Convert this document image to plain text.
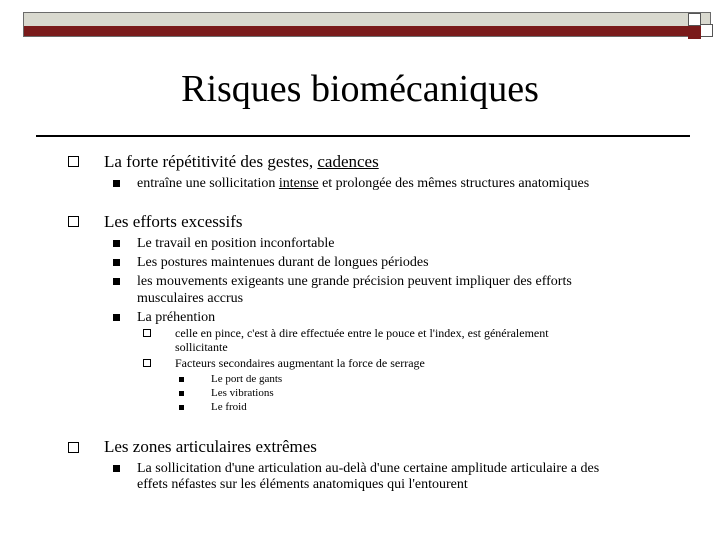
Risques biomécaniques
La forte répétitivité des gestes, cadences
entraîne une sollicitation intense et prolongée des mêmes structures anatomiques
Les efforts excessifs
Le travail en position inconfortable
Les postures maintenues durant de longues périodes
les mouvements exigeants une grande précision peuvent impliquer des efforts
musculaires accrus
La préhention
celle en pince, c'est à dire effectuée entre le pouce et l'index, est généralement
sollicitante
Facteurs secondaires augmentant la force de serrage
Le port de gants
Les vibrations
Le froid
Les zones articulaires extrêmes
La sollicitation d'une articulation au-delà d'une certaine amplitude articulaire a des
effets néfastes sur les éléments anatomiques qui l'entourent
